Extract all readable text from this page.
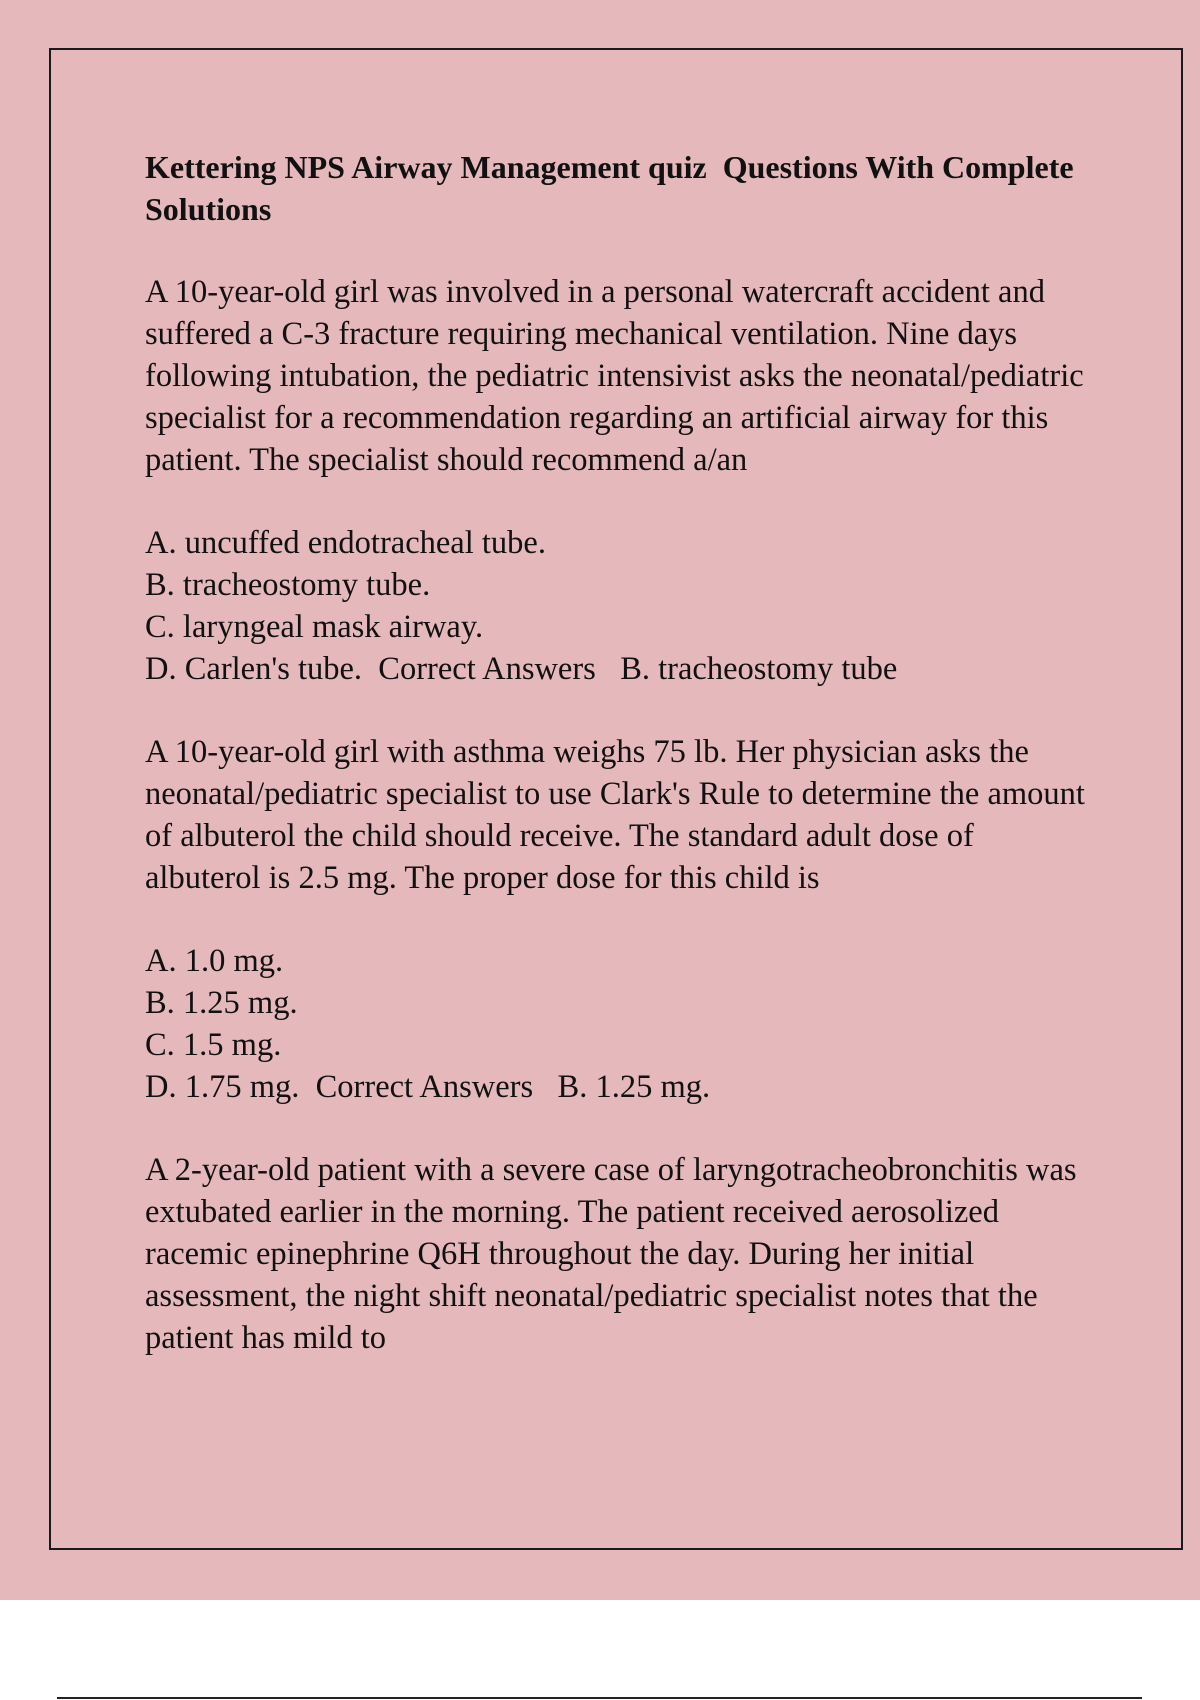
Kettering NPS Airway Management quiz  Questions With Complete Solutions
A 10-year-old girl was involved in a personal watercraft accident and suffered a C-3 fracture requiring mechanical ventilation. Nine days following intubation, the pediatric intensivist asks the neonatal/pediatric specialist for a recommendation regarding an artificial airway for this patient. The specialist should recommend a/an
A. uncuffed endotracheal tube.
B. tracheostomy tube.
C. laryngeal mask airway.
D. Carlen's tube.  Correct Answers   B. tracheostomy tube
A 10-year-old girl with asthma weighs 75 lb. Her physician asks the neonatal/pediatric specialist to use Clark's Rule to determine the amount of albuterol the child should receive. The standard adult dose of albuterol is 2.5 mg. The proper dose for this child is
A. 1.0 mg.
B. 1.25 mg.
C. 1.5 mg.
D. 1.75 mg.  Correct Answers   B. 1.25 mg.
A 2-year-old patient with a severe case of laryngotracheobronchitis was extubated earlier in the morning. The patient received aerosolized racemic epinephrine Q6H throughout the day. During her initial assessment, the night shift neonatal/pediatric specialist notes that the patient has mild to
